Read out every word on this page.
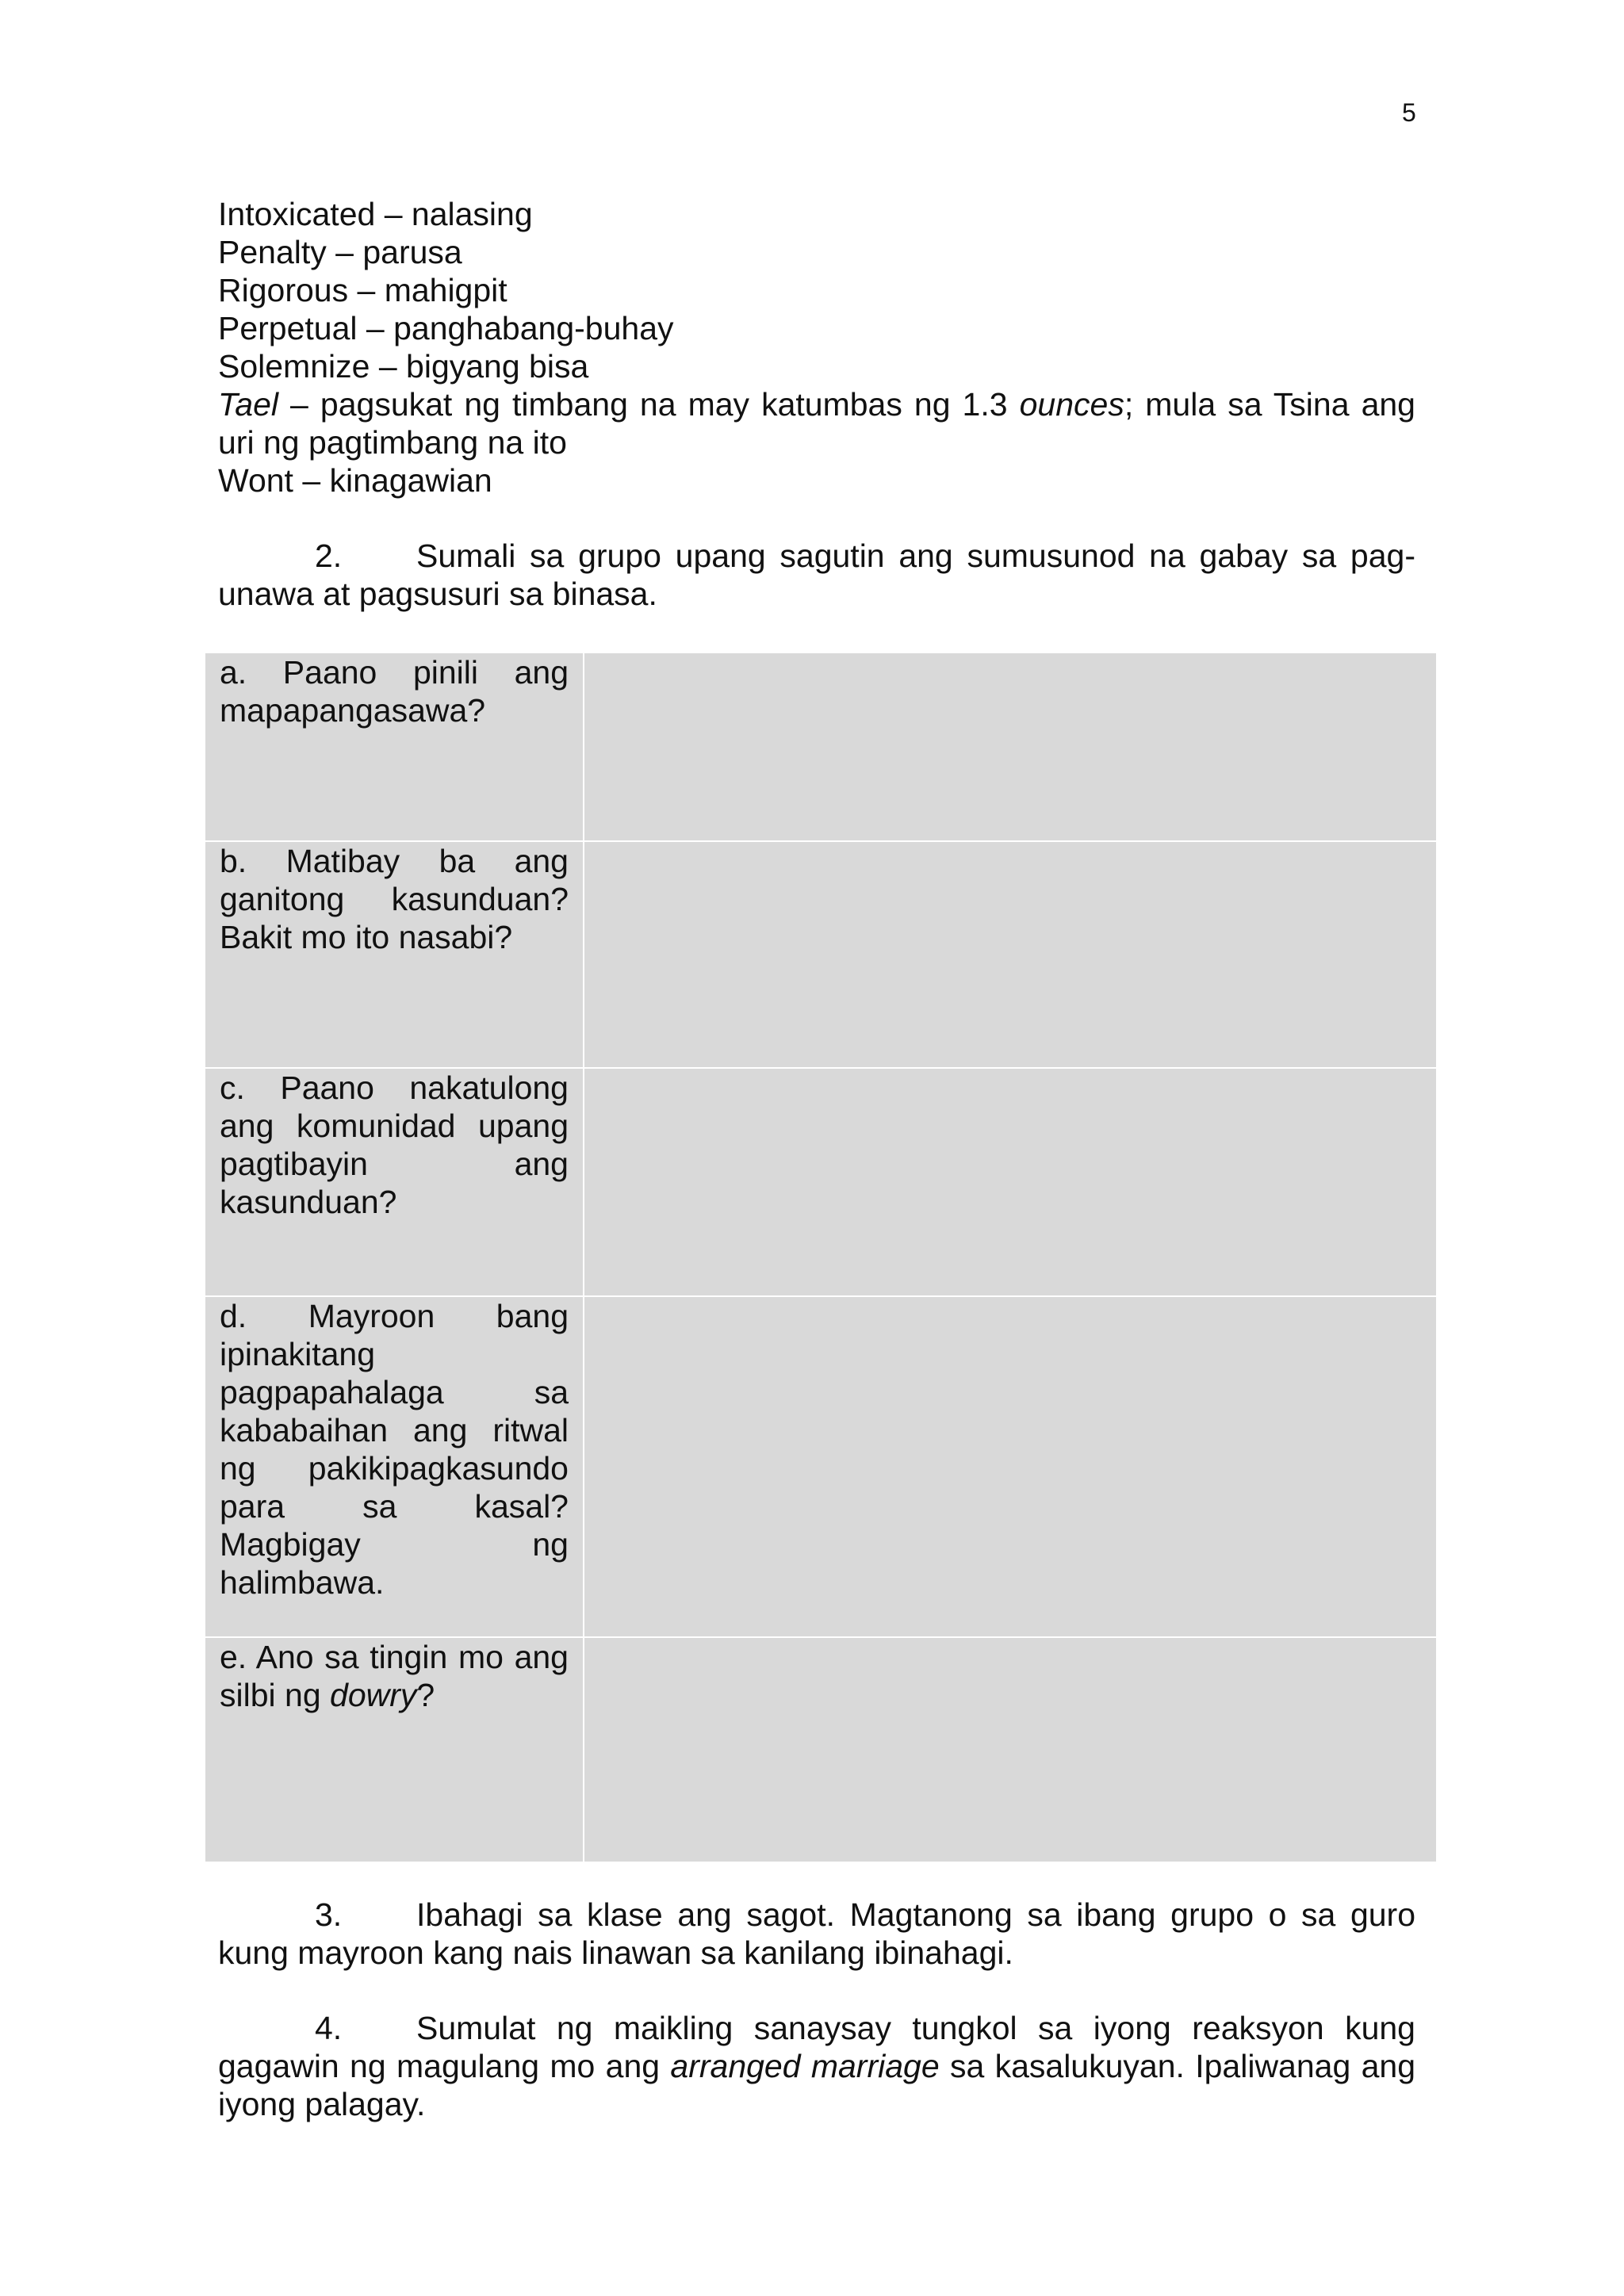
5

Intoxicated – nalasing

Penalty – parusa

Rigorous – mahigpit

Perpetual – panghabang-buhay

Solemnize – bigyang bisa

Tael – pagsukat ng timbang na may katumbas ng 1.3 ounces; mula sa Tsina ang uri ng pagtimbang na ito

Wont – kinagawian

2. Sumali sa grupo upang sagutin ang sumusunod na gabay sa pag-unawa at pagsusuri sa binasa.

a. Paano pinili ang mapapangasawa?	

b. Matibay ba ang ganitong kasunduan? Bakit mo ito nasabi?	

c. Paano nakatulong ang komunidad upang pagtibayin ang kasunduan?	

d. Mayroon bang ipinakitang pagpapahalaga sa kababaihan ang ritwal ng pakikipagkasundo para sa kasal? Magbigay ng halimbawa.	

e. Ano sa tingin mo ang silbi ng dowry?	

3. Ibahagi sa klase ang sagot. Magtanong sa ibang grupo o sa guro kung mayroon kang nais linawan sa kanilang ibinahagi.

4. Sumulat ng maikling sanaysay tungkol sa iyong reaksyon kung gagawin ng magulang mo ang arranged marriage sa kasalukuyan. Ipaliwanag ang iyong palagay.
